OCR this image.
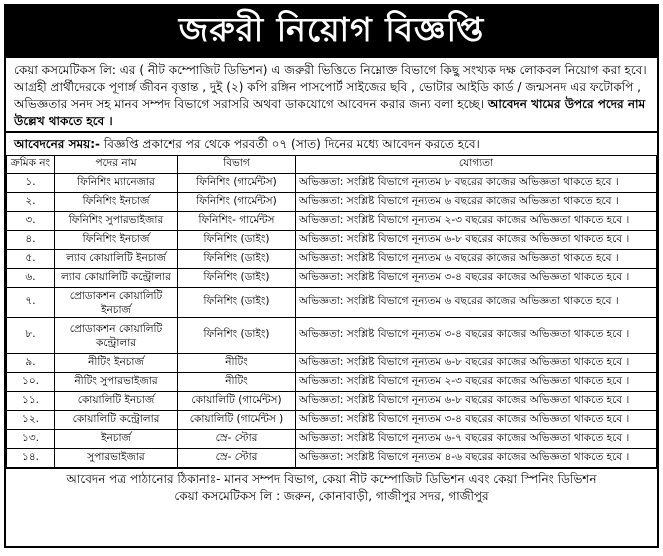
জরুরী নিয়োগ বিজ্ঞপ্তি
কেয়া কসমেটিকস লি: এর ( নীট কম্পোজিট ডিভিশন) এ জরুরী ভিত্তিতে নিম্নোক্ত বিভাগে কিছু সংখ্যক দক্ষ লোকবল নিয়োগ করা হবে। আগ্রহী প্রার্থীদেরকে পূণার্ঙ্গ জীবন বৃত্তান্ত , দুই (২) কপি রঙ্গিন পাসপোর্ট সাইজের ছবি , ভোটার আইডি কার্ড / জন্মসনদ এর ফটোকপি , অভিজ্ঞতার সনদ সহ মানব সম্পদ বিভাগে সরাসরি অথবা ডাকযোগে আবেদন করার জন্য বলা হচ্ছে। আবেদন খামের উপরে পদের নাম উল্লেখ থাকতে হবে ।
আবেদনের সময়:- বিজ্ঞপ্তি প্রকাশের পর থেকে পরবর্তী ০৭ (সাত) দিনের মধ্যে আবেদন করতে হবে।
ক্রমিক নং	পদের নাম	বিভাগ	যোগ্যতা
১.	ফিনিশিং ম্যানেজার	ফিনিশিং (গার্মেন্টস)	অভিজ্ঞতা: সংশ্লিষ্ট বিভাগে নূন্যতম ৮ বছরের কাজের অভিজ্ঞতা থাকতে হবে ।
২.	ফিনিশিং ইনচার্জ	ফিনিশিং (গার্মেন্টস)	অভিজ্ঞতা: সংশ্লিষ্ট বিভাগে নূন্যতম ৬ বছরের কাজের অভিজ্ঞতা থাকতে হবে ।
৩.	ফিনিশিং সুপারভাইজার	ফিনিশিং- গার্মেন্টস	অভিজ্ঞতা: সংশ্লিষ্ট বিভাগে নূন্যতম ২-৩ বছরের কাজের অভিজ্ঞতা থাকতে হবে ।
৪.	ফিনিশিং ইনচার্জ	ফিনিশিং (ডাইং)	অভিজ্ঞতা: সংশ্লিষ্ট বিভাগে নূন্যতম ৬-৮ বছরের কাজের অভিজ্ঞতা থাকতে হবে ।
৫.	ল্যাব কোয়ালিটি ইনচার্জ	ফিনিশিং (ডাইং)	অভিজ্ঞতা: সংশ্লিষ্ট বিভাগে নূন্যতম ৬ বছরের কাজের অভিজ্ঞতা থাকতে হবে ।
৬.	ল্যাব কোয়ালিটি কন্ট্রোলার	ফিনিশিং (ডাইং)	অভিজ্ঞতা: সংশ্লিষ্ট বিভাগে নূন্যতম ৩-৪ বছরের কাজের অভিজ্ঞতা থাকতে হবে ।
৭.	প্রোডাকশন কোয়ালিটি ইনচার্জ	ফিনিশিং (ডাইং)	অভিজ্ঞতা: সংশ্লিষ্ট বিভাগে নূন্যতম ৬ বছরের কাজের অভিজ্ঞতা থাকতে হবে ।
৮.	প্রোডাকশন কোয়ালিটি কন্ট্রোলার	ফিনিশিং (ডাইং)	অভিজ্ঞতা: সংশ্লিষ্ট বিভাগে নূন্যতম ৩-৪ বছরের কাজের অভিজ্ঞতা থাকতে হবে ।
৯.	নীটিং ইনচার্জ	নীটিং	অভিজ্ঞতা: সংশ্লিষ্ট বিভাগে নূন্যতম ৬-৮ বছরের কাজের অভিজ্ঞতা থাকতে হবে ।
১০.	নীটিং সুপারভাইজার	নীটিং	অভিজ্ঞতা: সংশ্লিষ্ট বিভাগে নূন্যতম ২-৩ বছরের কাজের অভিজ্ঞতা থাকতে হবে ।
১১.	কোয়ালিটি ইনচার্জ	কোয়ালিটি (গার্মেন্টস)	অভিজ্ঞতা: সংশ্লিষ্ট বিভাগে নূন্যতম ৬-৮ বছরের কাজের অভিজ্ঞতা থাকতে হবে ।
১২.	কোয়ালিটি কন্ট্রোলার	কোয়ালিটি (গার্মেন্টস )	অভিজ্ঞতা: সংশ্লিষ্ট বিভাগে নূন্যতম ৩-৪ বছরের কাজের অভিজ্ঞতা থাকতে হবে ।
১৩.	ইনচার্জ	স্রে- স্টোর	অভিজ্ঞতা: সংশ্লিষ্ট বিভাগে নূন্যতম ৬-৭ বছরের কাজের অভিজ্ঞতা থাকতে হবে ।
১৪.	সুপারভাইজার	স্রে- স্টোর	অভিজ্ঞতা: সংশ্লিষ্ট বিভাগে নূন্যতম ৪-৬ বছরের কাজের অভিজ্ঞতা থাকতে হবে ।
আবেদন পত্র পাঠানোর ঠিকানাঃ- মানব সম্পদ বিভাগ, কেয়া নীট কম্পোজিট ডিভিশন এবং কেয়া স্পিনিং ডিভিশন
কেয়া কসমেটিকস লি : জরুন, কোনাবাড়ী, গাজীপুর সদর, গাজীপুর
